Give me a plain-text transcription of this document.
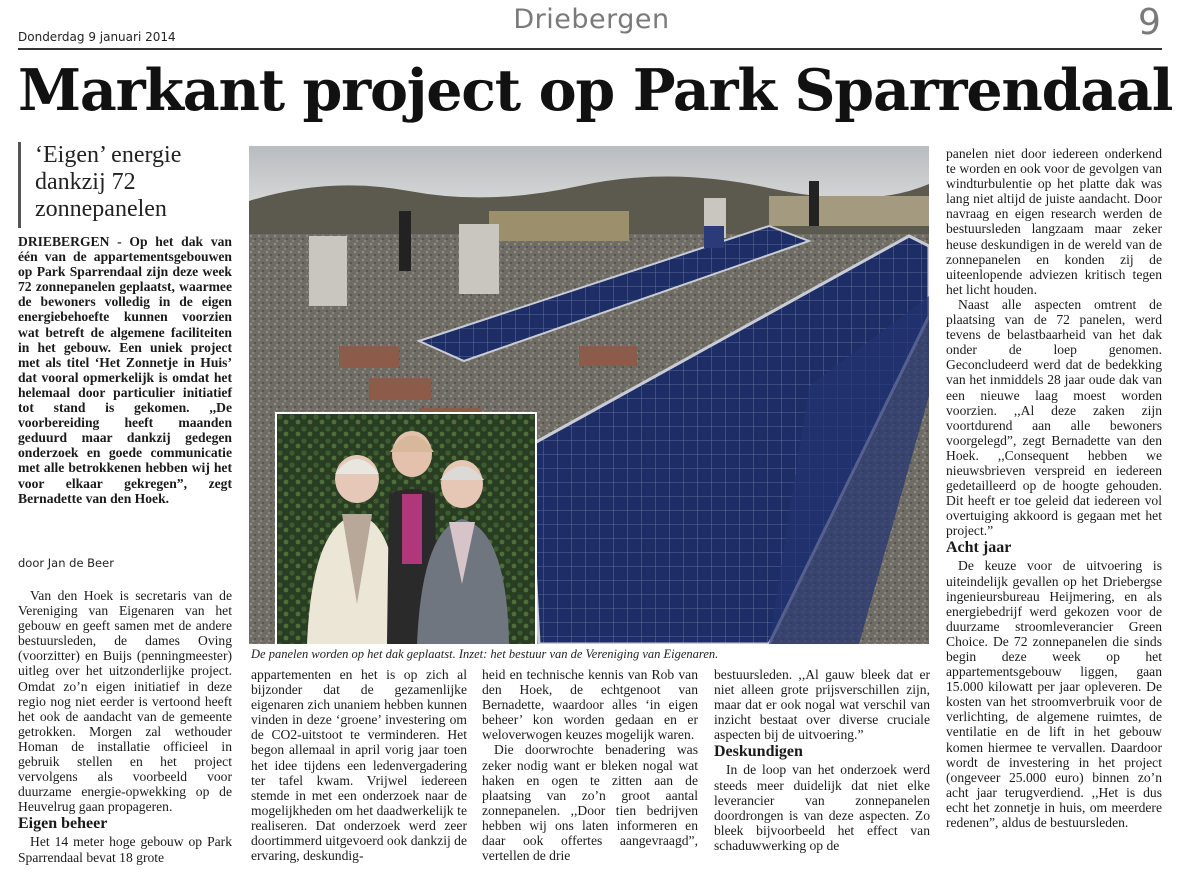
Donderdag 9 januari 2014
Driebergen	9
Markant project op Park Sparrendaal
‘Eigen’ energie dankzij 72 zonnepanelen
DRIEBERGEN - Op het dak van één van de appartementsgebouwen op Park Sparrendaal zijn deze week 72 zonnepanelen geplaatst, waarmee de bewoners volledig in de eigen energiebehoefte kunnen voorzien wat betreft de algemene faciliteiten in het gebouw. Een uniek project met als titel ‘Het Zonnetje in Huis’ dat vooral opmerkelijk is omdat het helemaal door particulier initiatief tot stand is gekomen. ,,De voorbereiding heeft maanden geduurd maar dankzij gedegen onderzoek en goede communicatie met alle betrokkenen hebben wij het voor elkaar gekregen”, zegt Bernadette van den Hoek.
door Jan de Beer

Van den Hoek is secretaris van de Vereniging van Eigenaren van het gebouw en geeft samen met de andere bestuursleden, de dames Oving (voorzitter) en Buijs (penningmeester) uitleg over het uitzonderlijke project. Omdat zo’n eigen initiatief in deze regio nog niet eerder is vertoond heeft het ook de aandacht van de gemeente getrokken. Morgen zal wethouder Homan de installatie officieel in gebruik stellen en het project vervolgens als voorbeeld voor duurzame energie-opwekking op de Heuvelrug gaan propageren.

Eigen beheer

Het 14 meter hoge gebouw op Park Sparrendaal bevat 18 grote

De panelen worden op het dak geplaatst. Inzet: het bestuur van de Vereniging van Eigenaren.

appartementen en het is op zich al bijzonder dat de gezamenlijke eigenaren zich unaniem hebben kunnen vinden in deze ‘groene’ investering om de CO2-uitstoot te verminderen. Het begon allemaal in april vorig jaar toen het idee tijdens een ledenvergadering ter tafel kwam. Vrijwel iedereen stemde in met een onderzoek naar de mogelijkheden om het daadwerkelijk te realiseren. Dat onderzoek werd zeer doortimmerd uitgevoerd ook dankzij de ervaring, deskundig-

heid en technische kennis van Rob van den Hoek, de echtgenoot van Bernadette, waardoor alles ‘in eigen beheer’ kon worden gedaan en er weloverwogen keuzes mogelijk waren.

Die doorwrochte benadering was zeker nodig want er bleken nogal wat haken en ogen te zitten aan de plaatsing van zo’n groot aantal zonnepanelen. ,,Door tien bedrijven hebben wij ons laten informeren en daar ook offertes aangevraagd”, vertellen de drie

bestuursleden. ,,Al gauw bleek dat er niet alleen grote prijsverschillen zijn, maar dat er ook nogal wat verschil van inzicht bestaat over diverse cruciale aspecten bij de uitvoering.”

Deskundigen

In de loop van het onderzoek werd steeds meer duidelijk dat niet elke leverancier van zonnepanelen doordrongen is van deze aspecten. Zo bleek bijvoorbeeld het effect van schaduwwerking op de

panelen niet door iedereen onderkend te worden en ook voor de gevolgen van windturbulentie op het platte dak was lang niet altijd de juiste aandacht. Door navraag en eigen research werden de bestuursleden langzaam maar zeker heuse deskundigen in de wereld van de zonnepanelen en konden zij de uiteenlopende adviezen kritisch tegen het licht houden.

Naast alle aspecten omtrent de plaatsing van de 72 panelen, werd tevens de belastbaarheid van het dak onder de loep genomen. Geconcludeerd werd dat de bedekking van het inmiddels 28 jaar oude dak van een nieuwe laag moest worden voorzien. ,,Al deze zaken zijn voortdurend aan alle bewoners voorgelegd”, zegt Bernadette van den Hoek. ,,Consequent hebben we nieuwsbrieven verspreid en iedereen gedetailleerd op de hoogte gehouden. Dit heeft er toe geleid dat iedereen vol overtuiging akkoord is gegaan met het project.”

Acht jaar

De keuze voor de uitvoering is uiteindelijk gevallen op het Driebergse ingenieursbureau Heijmering, en als energiebedrijf werd gekozen voor de duurzame stroomleverancier Green Choice. De 72 zonnepanelen die sinds begin deze week op het appartementsgebouw liggen, gaan 15.000 kilowatt per jaar opleveren. De kosten van het stroomverbruik voor de verlichting, de algemene ruimtes, de ventilatie en de lift in het gebouw komen hiermee te vervallen. Daardoor wordt de investering in het project (ongeveer 25.000 euro) binnen zo’n acht jaar terugverdiend. ,,Het is dus echt het zonnetje in huis, om meerdere redenen”, aldus de bestuursleden.
